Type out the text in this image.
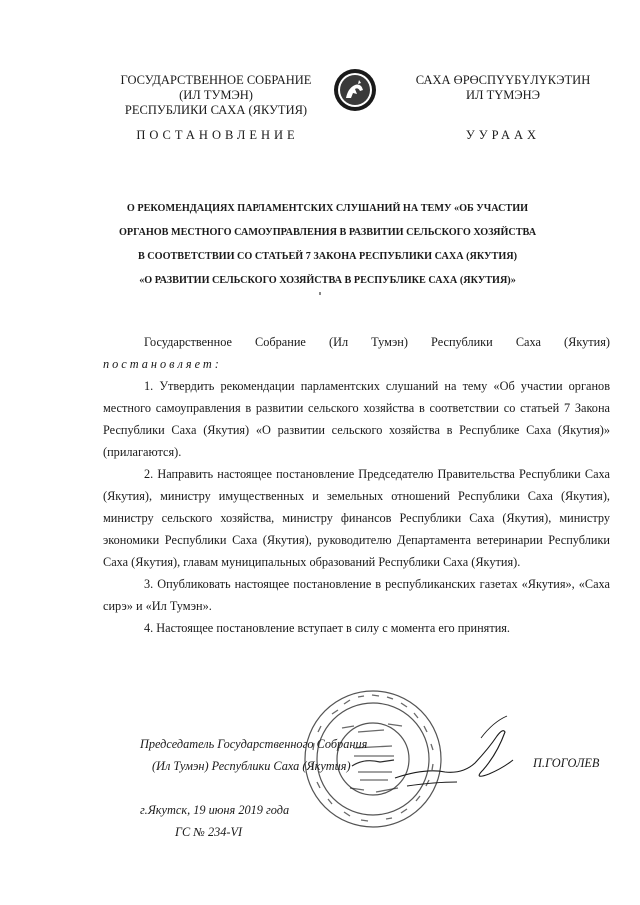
ГОСУДАРСТВЕННОЕ СОБРАНИЕ
(ИЛ ТУМЭН)
РЕСПУБЛИКИ САХА (ЯКУТИЯ)
САХА ӨРӨСПҮҮБҮЛҮКЭТИН
ИЛ ТҮМЭНЭ
ПОСТАНОВЛЕНИЕ	УУРААХ
О РЕКОМЕНДАЦИЯХ ПАРЛАМЕНТСКИХ СЛУШАНИЙ НА ТЕМУ «ОБ УЧАСТИИ
ОРГАНОВ МЕСТНОГО САМОУПРАВЛЕНИЯ В РАЗВИТИИ СЕЛЬСКОГО ХОЗЯЙСТВА
В СООТВЕТСТВИИ СО СТАТЬЕЙ 7 ЗАКОНА РЕСПУБЛИКИ САХА (ЯКУТИЯ)
«О РАЗВИТИИ СЕЛЬСКОГО ХОЗЯЙСТВА В РЕСПУБЛИКЕ САХА (ЯКУТИЯ)»

Государственное Собрание (Ил Тумэн) Республики Саха (Якутия)

постановляет:

1. Утвердить рекомендации парламентских слушаний на тему «Об участии органов местного самоуправления в развитии сельского хозяйства в соответствии со статьей 7 Закона Республики Саха (Якутия) «О развитии сельского хозяйства в Республике Саха (Якутия)» (прилагаются).

2. Направить настоящее постановление Председателю Правительства Республики Саха (Якутия), министру имущественных и земельных отношений Республики Саха (Якутия), министру сельского хозяйства, министру финансов Республики Саха (Якутия), министру экономики Республики Саха (Якутия), руководителю Департамента ветеринарии Республики Саха (Якутия), главам муниципальных образований Республики Саха (Якутия).

3. Опубликовать настоящее постановление в республиканских газетах «Якутия», «Саха сирэ» и «Ил Тумэн».

4. Настоящее постановление вступает в силу с момента его принятия.

Председатель Государственного Собрания
(Ил Тумэн) Республики Саха (Якутия)	П.ГОГОЛЕВ
г.Якутск, 19 июня 2019 года
ГС № 234-VI
